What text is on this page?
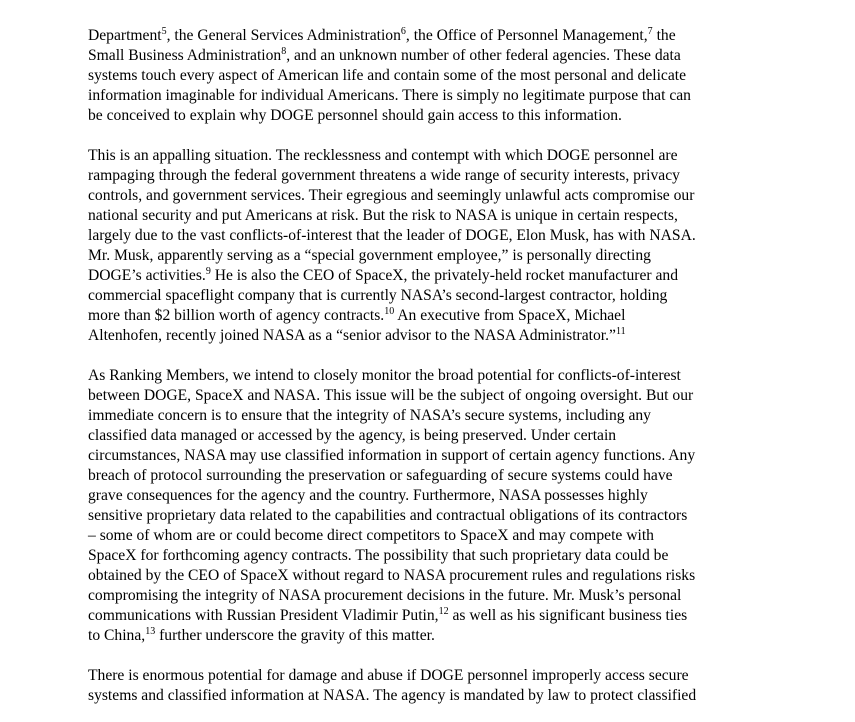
Department$^5$, the General Services Administration$^6$, the Office of Personnel Management,$^7$ the
Small Business Administration$^8$, and an unknown number of other federal agencies. These data
systems touch every aspect of American life and contain some of the most personal and delicate
information imaginable for individual Americans. There is simply no legitimate purpose that can
be conceived to explain why DOGE personnel should gain access to this information.

This is an appalling situation. The recklessness and contempt with which DOGE personnel are
rampaging through the federal government threatens a wide range of security interests, privacy
controls, and government services. Their egregious and seemingly unlawful acts compromise our
national security and put Americans at risk. But the risk to NASA is unique in certain respects,
largely due to the vast conflicts-of-interest that the leader of DOGE, Elon Musk, has with NASA.
Mr. Musk, apparently serving as a “special government employee,” is personally directing
DOGE’s activities.$^9$ He is also the CEO of SpaceX, the privately-held rocket manufacturer and
commercial spaceflight company that is currently NASA’s second-largest contractor, holding
more than $2 billion worth of agency contracts.$^{10}$ An executive from SpaceX, Michael
Altenhofen, recently joined NASA as a “senior advisor to the NASA Administrator.”$^{11}$

As Ranking Members, we intend to closely monitor the broad potential for conflicts-of-interest
between DOGE, SpaceX and NASA. This issue will be the subject of ongoing oversight. But our
immediate concern is to ensure that the integrity of NASA’s secure systems, including any
classified data managed or accessed by the agency, is being preserved. Under certain
circumstances, NASA may use classified information in support of certain agency functions. Any
breach of protocol surrounding the preservation or safeguarding of secure systems could have
grave consequences for the agency and the country. Furthermore, NASA possesses highly
sensitive proprietary data related to the capabilities and contractual obligations of its contractors
– some of whom are or could become direct competitors to SpaceX and may compete with
SpaceX for forthcoming agency contracts. The possibility that such proprietary data could be
obtained by the CEO of SpaceX without regard to NASA procurement rules and regulations risks
compromising the integrity of NASA procurement decisions in the future. Mr. Musk’s personal
communications with Russian President Vladimir Putin,$^{12}$ as well as his significant business ties
to China,$^{13}$ further underscore the gravity of this matter.

There is enormous potential for damage and abuse if DOGE personnel improperly access secure
systems and classified information at NASA. The agency is mandated by law to protect classified
